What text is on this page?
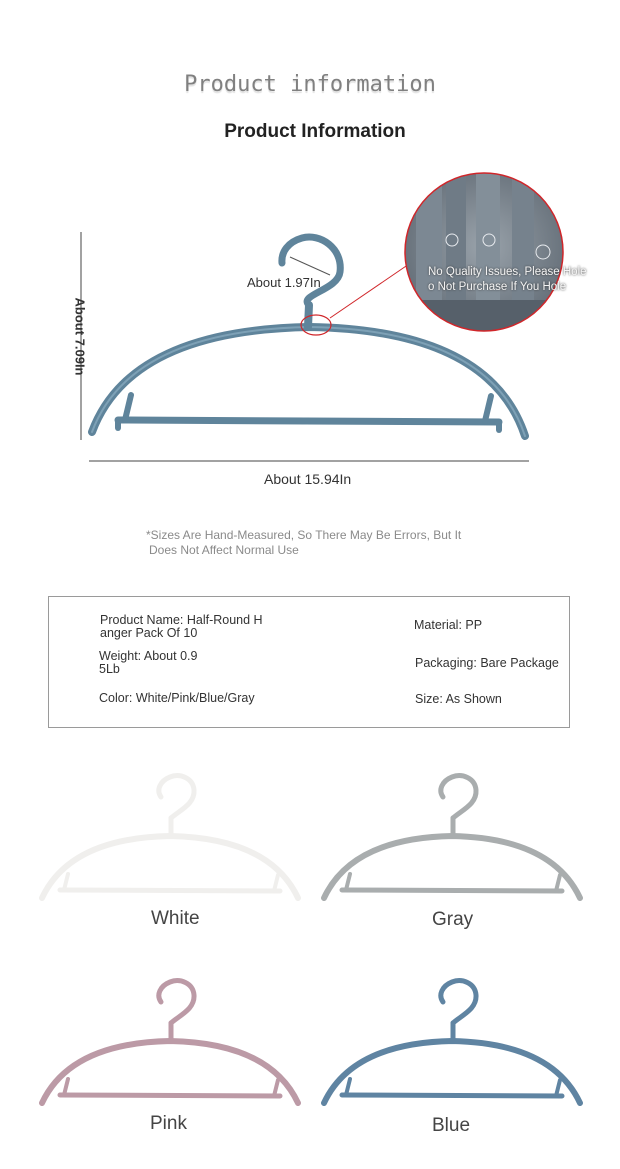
Product information
Product Information
About 1.97In
About 7.09In
About 15.94In
No Quality Issues, Please Hole
o Not Purchase If You Hole
*Sizes Are Hand-Measured, So There May Be Errors, But It
Does Not Affect Normal Use
Product Name: Half-Round H
anger Pack Of 10
Weight: About 0.9
5Lb
Color: White/Pink/Blue/Gray
Material: PP
Packaging: Bare Package
Size: As Shown
White	Gray
Pink	Blue
